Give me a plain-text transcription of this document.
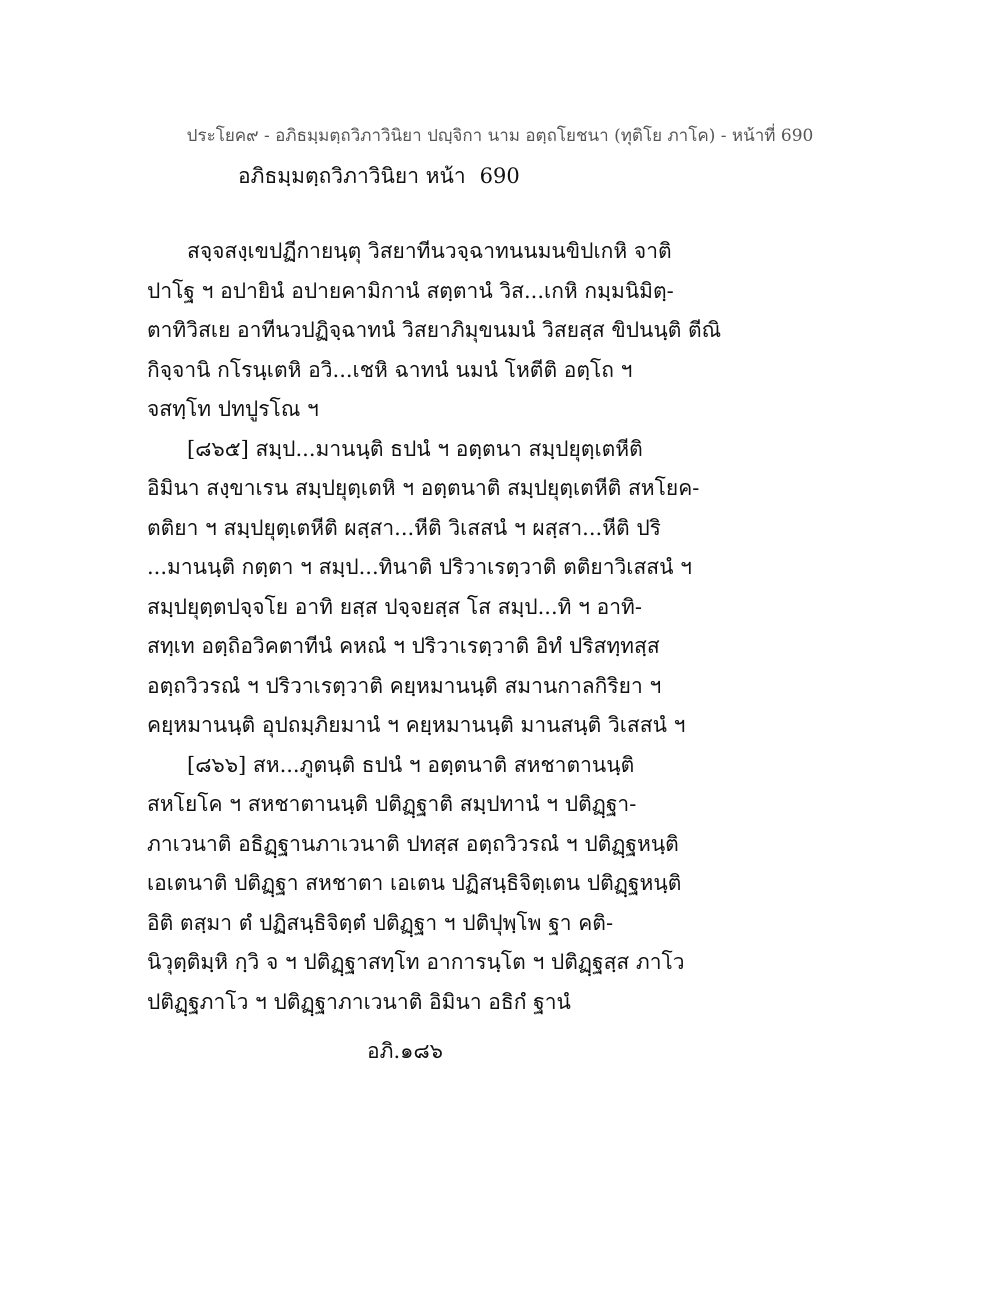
ประโยค๙ - อภิธมฺมตฺถวิภาวินิยา ปญฺจิกา นาม อตฺถโยชนา (ทุติโย ภาโค) - หน้าที่ 690
อภิธมฺมตฺถวิภาวินิยา หน้า 690
สจฺจสงฺเขปฏีกายนฺตุ วิสยาทีนวจฺฉาทนนมนขิปเกหิ จาติ
ปาโฐ ฯ อปายินํ อปายคามิกานํ สตฺตานํ วิส...เกหิ กมฺมนิมิตฺ-
ตาทิวิสเย อาทีนวปฏิจฺฉาทนํ วิสยาภิมุขนมนํ วิสยสฺส ขิปนนฺติ ตีณิ
กิจฺจานิ กโรนฺเตหิ อวิ...เชหิ ฉาทนํ นมนํ โหตีติ อตฺโถ ฯ
จสทฺโท ปทปูรโณ ฯ
[๘๖๕] สมฺป...มานนฺติ ธปนํ ฯ อตฺตนา สมฺปยุตฺเตหีติ
อิมินา สงฺขาเรน สมฺปยุตฺเตหิ ฯ อตฺตนาติ สมฺปยุตฺเตหีติ สหโยค-
ตติยา ฯ สมฺปยุตฺเตหีติ ผสฺสา...หีติ วิเสสนํ ฯ ผสฺสา...หีติ ปริ
...มานนฺติ กตฺตา ฯ สมฺป...ทินาติ ปริวาเรตฺวาติ ตติยาวิเสสนํ ฯ
สมฺปยุตฺตปจฺจโย อาทิ ยสฺส ปจฺจยสฺส โส สมฺป...ทิ ฯ อาทิ-
สทฺเท อตฺถิอวิคตาทีนํ คหณํ ฯ ปริวาเรตฺวาติ อิทํ ปริสทฺทสฺส
อตฺถวิวรณํ ฯ ปริวาเรตฺวาติ คยฺหมานนฺติ สมานกาลกิริยา ฯ
คยฺหมานนฺติ อุปถมฺภิยมานํ ฯ คยฺหมานนฺติ มานสนฺติ วิเสสนํ ฯ
[๘๖๖] สห...ภูตนฺติ ธปนํ ฯ อตฺตนาติ สหชาตานนฺติ
สหโยโค ฯ สหชาตานนฺติ ปติฏฺฐาติ สมฺปทานํ ฯ ปติฏฺฐา-
ภาเวนาติ อธิฏฺฐานภาเวนาติ ปทสฺส อตฺถวิวรณํ ฯ ปติฏฺฐหนฺติ
เอเตนาติ ปติฏฺฐา สหชาตา เอเตน ปฏิสนฺธิจิตฺเตน ปติฏฺฐหนฺติ
อิติ ตสฺมา ตํ ปฏิสนฺธิจิตฺตํ ปติฏฺฐา ฯ ปติปุพฺโพ ฐา คติ-
นิวุตฺติมฺหิ กฺวิ จ ฯ ปติฏฺฐาสทฺโท อาการนฺโต ฯ ปติฏฺฐสฺส ภาโว
ปติฏฺฐภาโว ฯ ปติฏฺฐาภาเวนาติ อิมินา อธิกํ ฐานํ
อภิ.๑๘๖
